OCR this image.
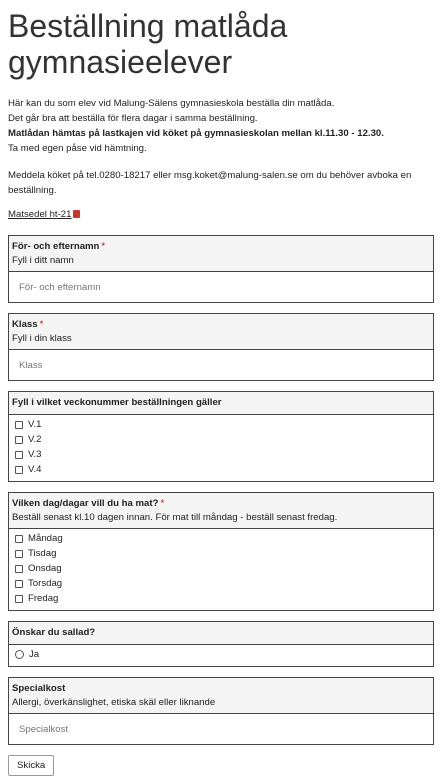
Beställning matlåda gymnasieelever

Här kan du som elev vid Malung-Sälens gymnasieskola beställa din matlåda.

Det går bra att beställa för flera dagar i samma beställning.

Matlådan hämtas på lastkajen vid köket på gymnasieskolan mellan kl.11.30 - 12.30.

Ta med egen påse vid hämtning.

Meddela köket på tel.0280-18217 eller msg.koket@malung-salen.se om du behöver avboka en beställning.
Matsedel ht-21
För- och efternamn *
Fyll i ditt namn
För- och efternamn
Klass *
Fyll i din klass
Klass
Fyll i vilket veckonummer beställningen gäller
V.1
V.2
V.3
V.4
Vilken dag/dagar vill du ha mat? *
Beställ senast kl.10 dagen innan. För mat till måndag - beställ senast fredag.
Måndag
Tisdag
Onsdag
Torsdag
Fredag
Önskar du sallad?
Ja
Specialkost
Allergi, överkänslighet, etiska skäl eller liknande
Specialkost
Skicka
